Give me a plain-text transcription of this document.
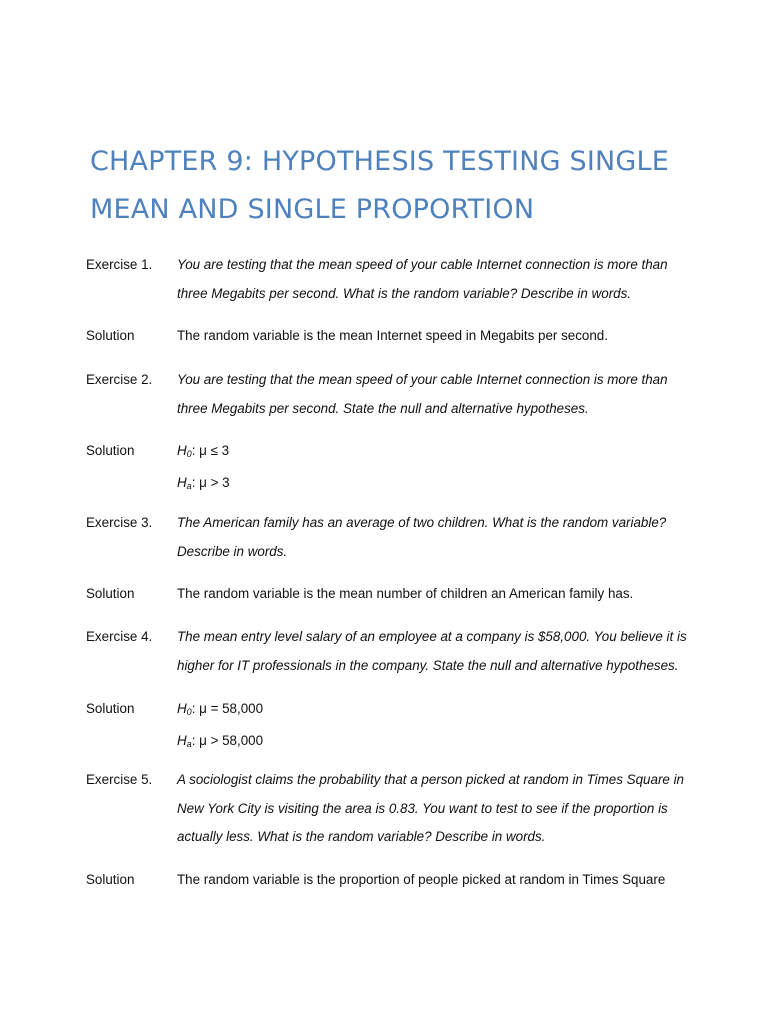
CHAPTER 9: HYPOTHESIS TESTING SINGLE
MEAN AND SINGLE PROPORTION
Exercise 1.	You are testing that the mean speed of your cable Internet connection is more than
three Megabits per second. What is the random variable? Describe in words.
Solution	The random variable is the mean Internet speed in Megabits per second.
Exercise 2.	You are testing that the mean speed of your cable Internet connection is more than
three Megabits per second. State the null and alternative hypotheses.
Solution	$H_0$: μ ≤ 3
$H_a$: μ > 3
Exercise 3.	The American family has an average of two children. What is the random variable?
Describe in words.
Solution	The random variable is the mean number of children an American family has.
Exercise 4.	The mean entry level salary of an employee at a company is $58,000. You believe it is
higher for IT professionals in the company. State the null and alternative hypotheses.
Solution	$H_0$: μ = 58,000
$H_a$: μ > 58,000
Exercise 5.	A sociologist claims the probability that a person picked at random in Times Square in
New York City is visiting the area is 0.83. You want to test to see if the proportion is
actually less. What is the random variable? Describe in words.
Solution	The random variable is the proportion of people picked at random in Times Square
